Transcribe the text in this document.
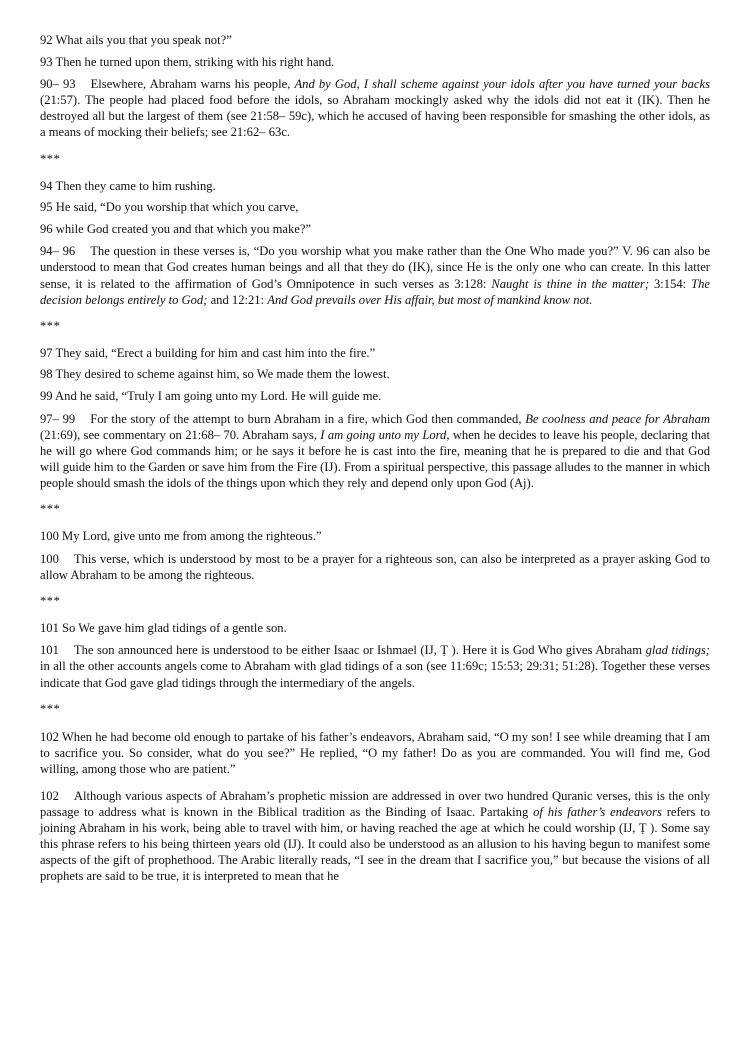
92 What ails you that you speak not?”

93 Then he turned upon them, striking with his right hand.

90– 93 Elsewhere, Abraham warns his people, And by God, I shall scheme against your idols after you have turned your backs (21:57). The people had placed food before the idols, so Abraham mockingly asked why the idols did not eat it (IK). Then he destroyed all but the largest of them (see 21:58– 59c), which he accused of having been responsible for smashing the other idols, as a means of mocking their beliefs; see 21:62– 63c.

***

94 Then they came to him rushing.

95 He said, “Do you worship that which you carve,

96 while God created you and that which you make?”

94– 96 The question in these verses is, “Do you worship what you make rather than the One Who made you?” V. 96 can also be understood to mean that God creates human beings and all that they do (IK), since He is the only one who can create. In this latter sense, it is related to the affirmation of God’s Omnipotence in such verses as 3:128: Naught is thine in the matter; 3:154: The decision belongs entirely to God; and 12:21: And God prevails over His affair, but most of mankind know not.

***

97 They said, “Erect a building for him and cast him into the fire.”

98 They desired to scheme against him, so We made them the lowest.

99 And he said, “Truly I am going unto my Lord. He will guide me.

97– 99 For the story of the attempt to burn Abraham in a fire, which God then commanded, Be coolness and peace for Abraham (21:69), see commentary on 21:68– 70. Abraham says, I am going unto my Lord, when he decides to leave his people, declaring that he will go where God commands him; or he says it before he is cast into the fire, meaning that he is prepared to die and that God will guide him to the Garden or save him from the Fire (IJ). From a spiritual perspective, this passage alludes to the manner in which people should smash the idols of the things upon which they rely and depend only upon God (Aj).

***

100 My Lord, give unto me from among the righteous.”

100 This verse, which is understood by most to be a prayer for a righteous son, can also be interpreted as a prayer asking God to allow Abraham to be among the righteous.

***

101 So We gave him glad tidings of a gentle son.

101 The son announced here is understood to be either Isaac or Ishmael (IJ, Ṭ ). Here it is God Who gives Abraham glad tidings; in all the other accounts angels come to Abraham with glad tidings of a son (see 11:69c; 15:53; 29:31; 51:28). Together these verses indicate that God gave glad tidings through the intermediary of the angels.

***

102 When he had become old enough to partake of his father’s endeavors, Abraham said, “O my son! I see while dreaming that I am to sacrifice you. So consider, what do you see?” He replied, “O my father! Do as you are commanded. You will find me, God willing, among those who are patient.”

102 Although various aspects of Abraham’s prophetic mission are addressed in over two hundred Quranic verses, this is the only passage to address what is known in the Biblical tradition as the Binding of Isaac. Partaking of his father’s endeavors refers to joining Abraham in his work, being able to travel with him, or having reached the age at which he could worship (IJ, Ṭ ). Some say this phrase refers to his being thirteen years old (IJ). It could also be understood as an allusion to his having begun to manifest some aspects of the gift of prophethood. The Arabic literally reads, “I see in the dream that I sacrifice you,” but because the visions of all prophets are said to be true, it is interpreted to mean that he
